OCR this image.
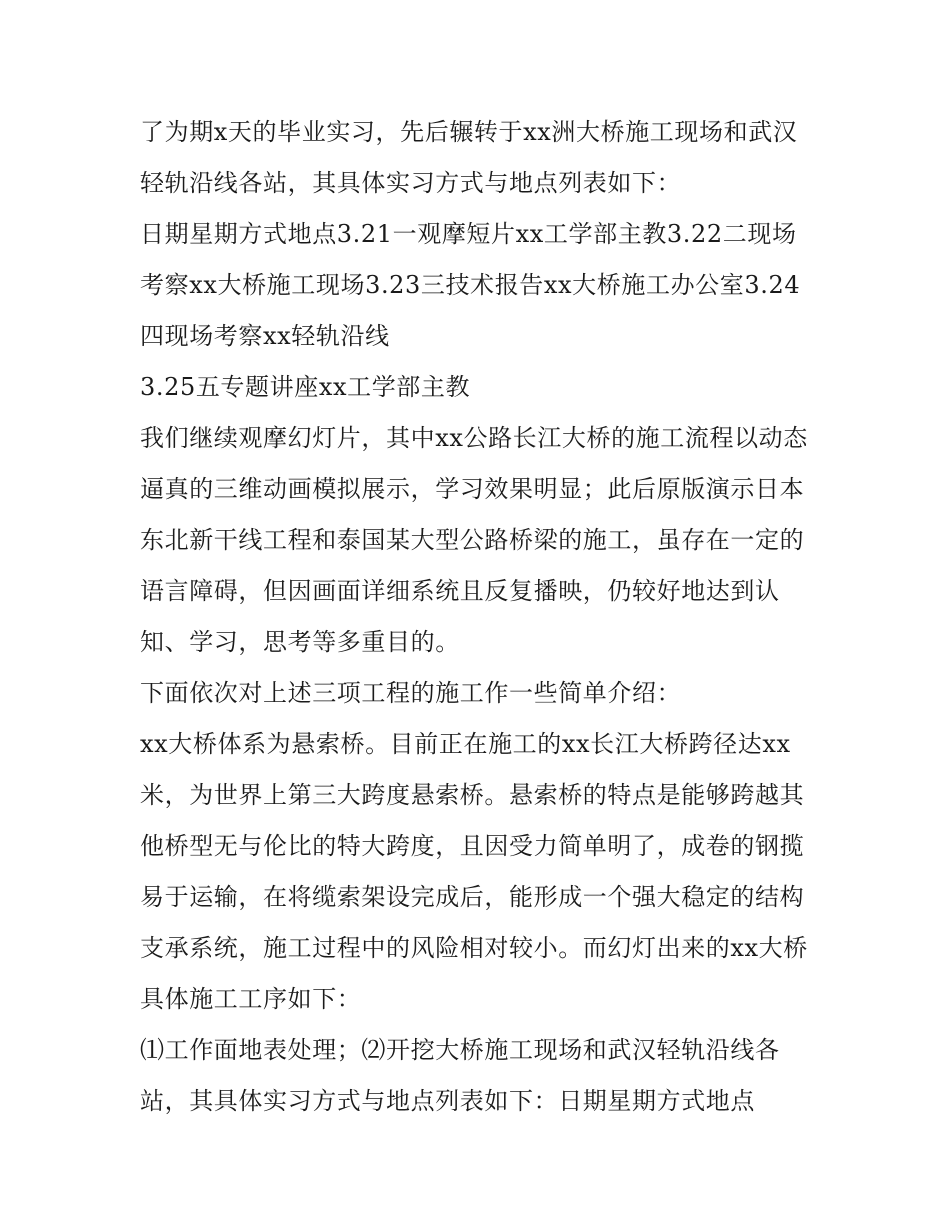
了为期x天的毕业实习，先后辗转于xx洲大桥施工现场和武汉轻轨沿线各站，其具体实习方式与地点列表如下：

日期星期方式地点3.21一观摩短片xx工学部主教3.22二现场考察xx大桥施工现场3.23三技术报告xx大桥施工办公室3.24四现场考察xx轻轨沿线

3.25五专题讲座xx工学部主教

我们继续观摩幻灯片，其中xx公路长江大桥的施工流程以动态逼真的三维动画模拟展示，学习效果明显；此后原版演示日本东北新干线工程和泰国某大型公路桥梁的施工，虽存在一定的语言障碍，但因画面详细系统且反复播映，仍较好地达到认知、学习，思考等多重目的。

下面依次对上述三项工程的施工作一些简单介绍：

xx大桥体系为悬索桥。目前正在施工的xx长江大桥跨径达xx米，为世界上第三大跨度悬索桥。悬索桥的特点是能够跨越其他桥型无与伦比的特大跨度，且因受力简单明了，成卷的钢揽易于运输，在将缆索架设完成后，能形成一个强大稳定的结构支承系统，施工过程中的风险相对较小。而幻灯出来的xx大桥具体施工工序如下：

⑴工作面地表处理；⑵开挖大桥施工现场和武汉轻轨沿线各站，其具体实习方式与地点列表如下：日期星期方式地点
